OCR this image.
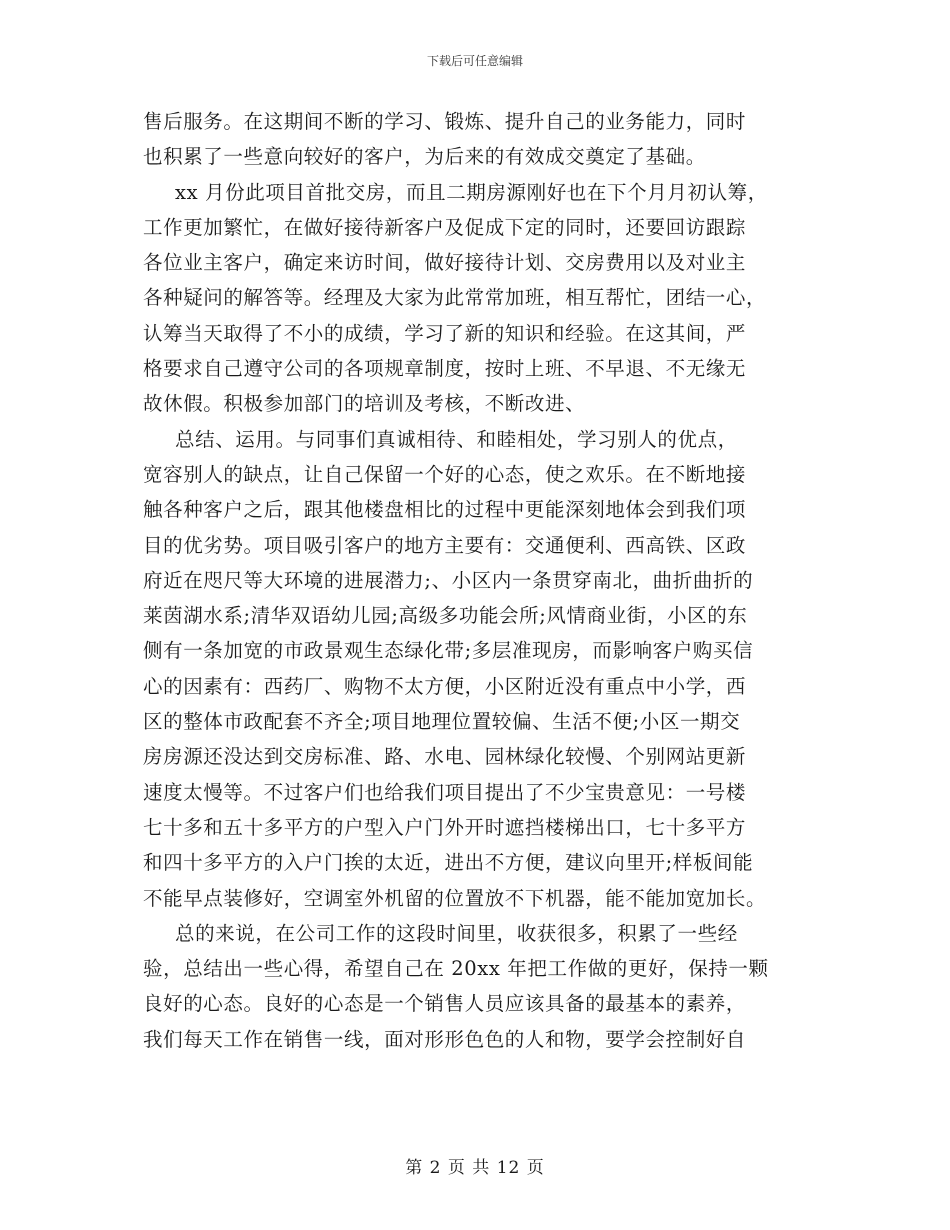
下载后可任意编辑
售后服务。在这期间不断的学习、锻炼、提升自己的业务能力，同时
也积累了一些意向较好的客户，为后来的有效成交奠定了基础。
xx 月份此项目首批交房，而且二期房源刚好也在下个月月初认筹，
工作更加繁忙，在做好接待新客户及促成下定的同时，还要回访跟踪
各位业主客户，确定来访时间，做好接待计划、交房费用以及对业主
各种疑问的解答等。经理及大家为此常常加班，相互帮忙，团结一心，
认筹当天取得了不小的成绩，学习了新的知识和经验。在这其间，严
格要求自己遵守公司的各项规章制度，按时上班、不早退、不无缘无
故休假。积极参加部门的培训及考核，不断改进、
总结、运用。与同事们真诚相待、和睦相处，学习别人的优点，
宽容别人的缺点，让自己保留一个好的心态，使之欢乐。在不断地接
触各种客户之后，跟其他楼盘相比的过程中更能深刻地体会到我们项
目的优劣势。项目吸引客户的地方主要有：交通便利、西高铁、区政
府近在咫尺等大环境的进展潜力;、小区内一条贯穿南北，曲折曲折的
莱茵湖水系;清华双语幼儿园;高级多功能会所;风情商业街，小区的东
侧有一条加宽的市政景观生态绿化带;多层准现房，而影响客户购买信
心的因素有：西药厂、购物不太方便，小区附近没有重点中小学，西
区的整体市政配套不齐全;项目地理位置较偏、生活不便;小区一期交
房房源还没达到交房标准、路、水电、园林绿化较慢、个别网站更新
速度太慢等。不过客户们也给我们项目提出了不少宝贵意见：一号楼
七十多和五十多平方的户型入户门外开时遮挡楼梯出口，七十多平方
和四十多平方的入户门挨的太近，进出不方便，建议向里开;样板间能
不能早点装修好，空调室外机留的位置放不下机器，能不能加宽加长。
总的来说，在公司工作的这段时间里，收获很多，积累了一些经
验，总结出一些心得，希望自己在 20xx 年把工作做的更好，保持一颗
良好的心态。良好的心态是一个销售人员应该具备的最基本的素养，
我们每天工作在销售一线，面对形形色色的人和物，要学会控制好自
第 2 页 共 12 页
